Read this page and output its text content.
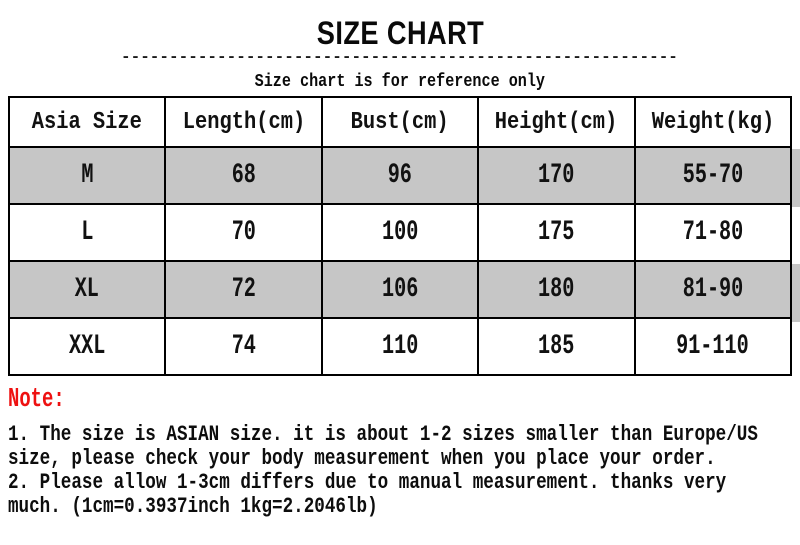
SIZE CHART
----------------------------------------------------------
Size chart is for reference only
Asia Size	Length(cm)	Bust(cm)	Height(cm)	Weight(kg)
M	68	96	170	55-70
L	70	100	175	71-80
XL	72	106	180	81-90
XXL	74	110	185	91-110
Note:
1. The size is ASIAN size. it is about 1-2 sizes smaller than Europe/US
size, please check your body measurement when you place your order.
2. Please allow 1-3cm differs due to manual measurement. thanks very
much. (1cm=0.3937inch 1kg=2.2046lb)
